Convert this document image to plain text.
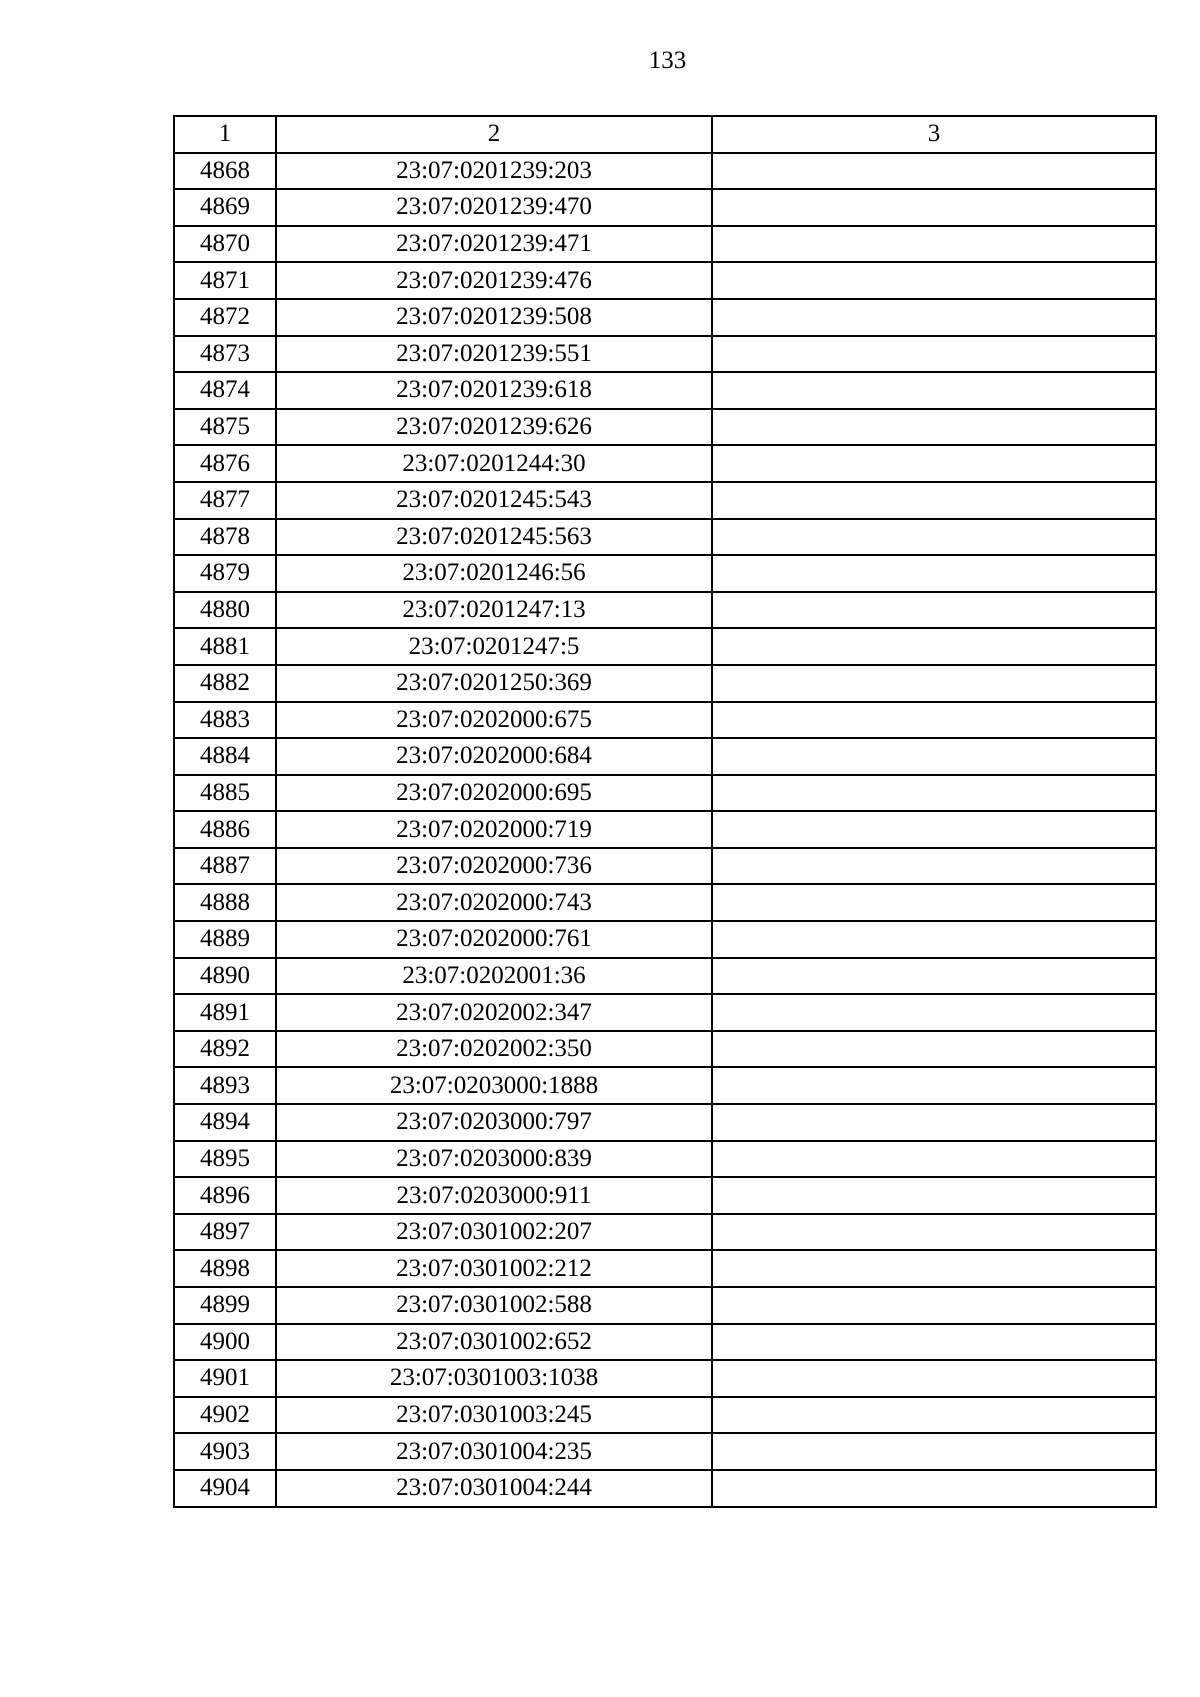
133
1	2	3
4868	23:07:0201239:203	
4869	23:07:0201239:470	
4870	23:07:0201239:471	
4871	23:07:0201239:476	
4872	23:07:0201239:508	
4873	23:07:0201239:551	
4874	23:07:0201239:618	
4875	23:07:0201239:626	
4876	23:07:0201244:30	
4877	23:07:0201245:543	
4878	23:07:0201245:563	
4879	23:07:0201246:56	
4880	23:07:0201247:13	
4881	23:07:0201247:5	
4882	23:07:0201250:369	
4883	23:07:0202000:675	
4884	23:07:0202000:684	
4885	23:07:0202000:695	
4886	23:07:0202000:719	
4887	23:07:0202000:736	
4888	23:07:0202000:743	
4889	23:07:0202000:761	
4890	23:07:0202001:36	
4891	23:07:0202002:347	
4892	23:07:0202002:350	
4893	23:07:0203000:1888	
4894	23:07:0203000:797	
4895	23:07:0203000:839	
4896	23:07:0203000:911	
4897	23:07:0301002:207	
4898	23:07:0301002:212	
4899	23:07:0301002:588	
4900	23:07:0301002:652	
4901	23:07:0301003:1038	
4902	23:07:0301003:245	
4903	23:07:0301004:235	
4904	23:07:0301004:244	
